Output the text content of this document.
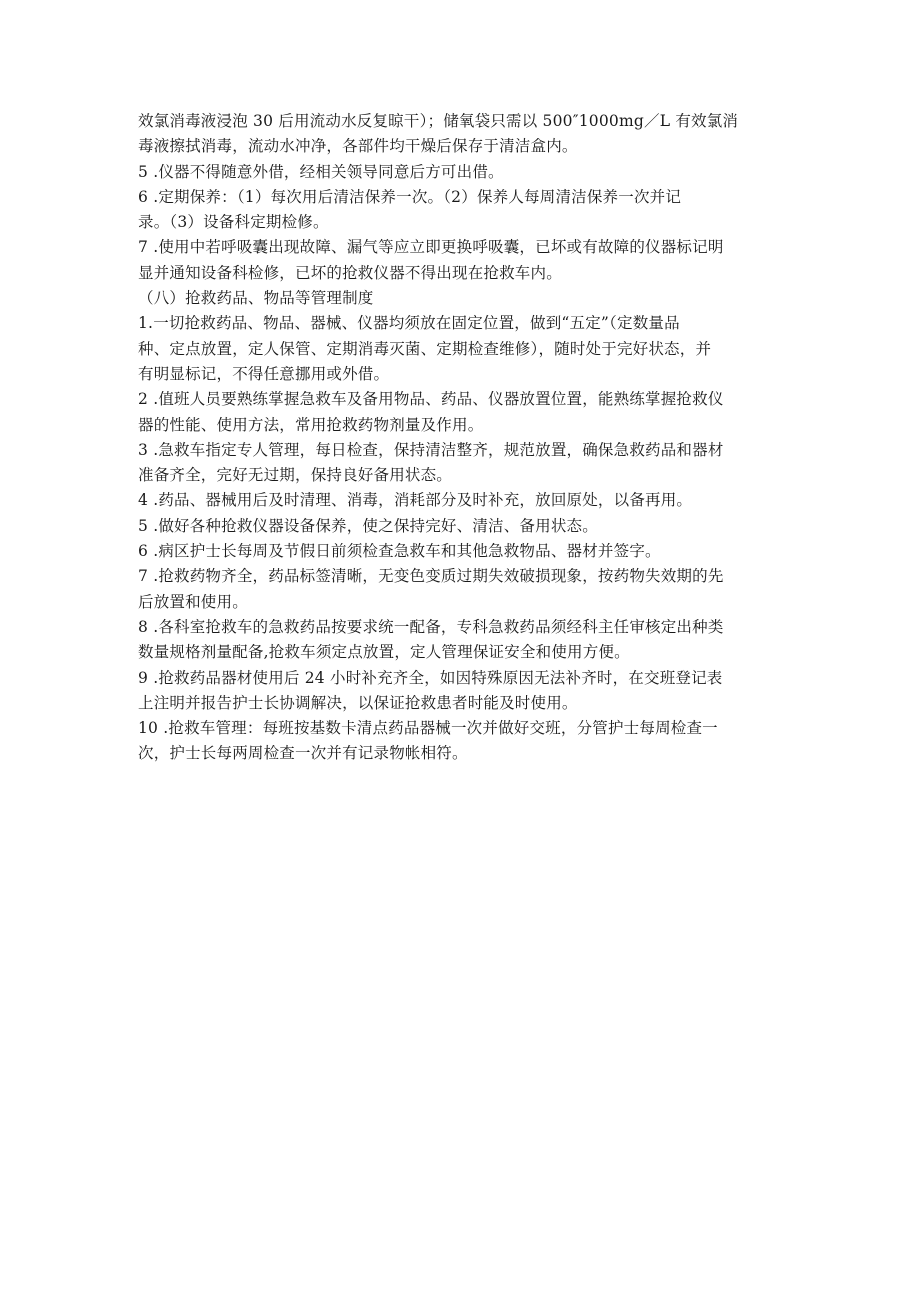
效氯消毒液浸泡 30 后用流动水反复晾干）；储氧袋只需以 500″1000mg／L 有效氯消
毒液擦拭消毒，流动水冲净，各部件均干燥后保存于清洁盒内。
5 .仪器不得随意外借，经相关领导同意后方可出借。
6 .定期保养：（1）每次用后清洁保养一次。（2）保养人每周清洁保养一次并记
录。（3）设备科定期检修。
7 .使用中若呼吸囊出现故障、漏气等应立即更换呼吸囊，已坏或有故障的仪器标记明
显并通知设备科检修，已坏的抢救仪器不得出现在抢救车内。
（八）抢救药品、物品等管理制度
1.一切抢救药品、物品、器械、仪器均须放在固定位置，做到“五定”（定数量品
种、定点放置，定人保管、定期消毒灭菌、定期检查维修），随时处于完好状态，并
有明显标记，不得任意挪用或外借。
2 .值班人员要熟练掌握急救车及备用物品、药品、仪器放置位置，能熟练掌握抢救仪
器的性能、使用方法，常用抢救药物剂量及作用。
3 .急救车指定专人管理，每日检查，保持清洁整齐，规范放置，确保急救药品和器材
准备齐全，完好无过期，保持良好备用状态。
4 .药品、器械用后及时清理、消毒，消耗部分及时补充，放回原处，以备再用。
5 .做好各种抢救仪器设备保养，使之保持完好、清洁、备用状态。
6 .病区护士长每周及节假日前须检查急救车和其他急救物品、器材并签字。
7 .抢救药物齐全，药品标签清晰，无变色变质过期失效破损现象，按药物失效期的先
后放置和使用。
8 .各科室抢救车的急救药品按要求统一配备，专科急救药品须经科主任审核定出种类
数量规格剂量配备,抢救车须定点放置，定人管理保证安全和使用方便。
9 .抢救药品器材使用后 24 小时补充齐全，如因特殊原因无法补齐时，在交班登记表
上注明并报告护士长协调解决，以保证抢救患者时能及时使用。
10 .抢救车管理：每班按基数卡清点药品器械一次并做好交班，分管护士每周检查一
次，护士长每两周检查一次并有记录物帐相符。
